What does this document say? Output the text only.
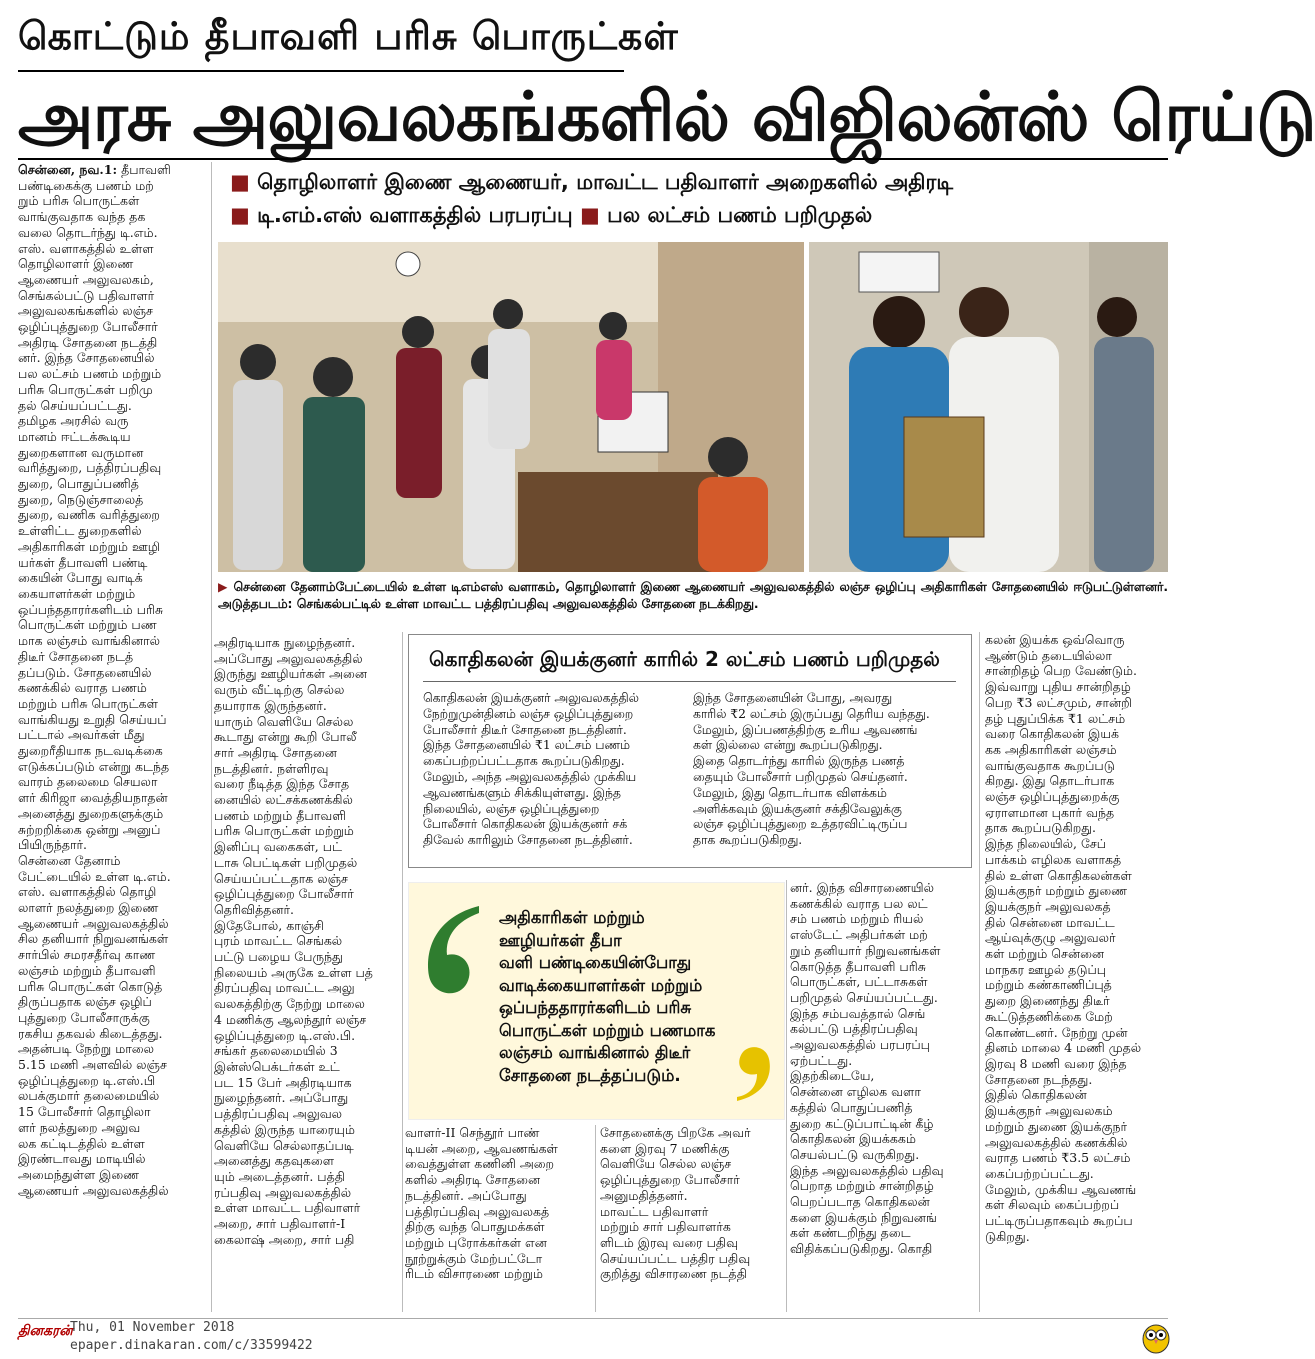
கொட்டும் தீபாவளி பரிசு பொருட்கள்
அரசு அலுவலகங்களில் விஜிலன்ஸ் ரெய்டு
■ தொழிலாளர் இணை ஆணையர், மாவட்ட பதிவாளர் அறைகளில் அதிரடி
■ டி.எம்.எஸ் வளாகத்தில் பரபரப்பு ■ பல லட்சம் பணம் பறிமுதல்
▶ சென்னை தேனாம்பேட்டையில் உள்ள டிஎம்எஸ் வளாகம், தொழிலாளர் இணை ஆணையர் அலுவலகத்தில் லஞ்ச ஒழிப்பு அதிகாரிகள் சோதனையில் ஈடுபட்டுள்ளனர். அடுத்தபடம்: செங்கல்பட்டில் உள்ள மாவட்ட பத்திரப்பதிவு அலுவலகத்தில் சோதனை நடக்கிறது.

சென்னை, நவ.1: தீபாவளி
பண்டிகைக்கு பணம் மற்
றும் பரிசு பொருட்கள்
வாங்குவதாக வந்த தக
வலை தொடர்ந்து டி.எம்.
எஸ். வளாகத்தில் உள்ள
தொழிலாளர் இணை
ஆணையர் அலுவலகம்,
செங்கல்பட்டு பதிவாளர்
அலுவலகங்களில் லஞ்ச
ஒழிப்புத்துறை போலீசார்
அதிரடி சோதனை நடத்தி
னர். இந்த சோதனையில்
பல லட்சம் பணம் மற்றும்
பரிசு பொருட்கள் பறிமு
தல் செய்யப்பட்டது.
தமிழக அரசில் வரு
மானம் ஈட்டக்கூடிய
துறைகளான வருமான
வரித்துறை, பத்திரப்பதிவு
துறை, பொதுப்பணித்
துறை, நெடுஞ்சாலைத்
துறை, வணிக வரித்துறை
உள்ளிட்ட துறைகளில்
அதிகாரிகள் மற்றும் ஊழி
யர்கள் தீபாவளி பண்டி
கையின் போது வாடிக்
கையாளர்கள் மற்றும்
ஒப்பந்ததாரர்களிடம் பரிசு
பொருட்கள் மற்றும் பண
மாக லஞ்சம் வாங்கினால்
திடீர் சோதனை நடத்
தப்படும். சோதனையில்
கணக்கில் வராத பணம்
மற்றும் பரிசு பொருட்கள்
வாங்கியது உறுதி செய்யப்
பட்டால் அவர்கள் மீது
துறைரீதியாக நடவடிக்கை
எடுக்கப்படும் என்று கடந்த
வாரம் தலைமை செயலா
ளர் கிரிஜா வைத்தியநாதன்
அனைத்து துறைகளுக்கும்
சுற்றறிக்கை ஒன்று அனுப்
பியிருந்தார்.
சென்னை தேனாம்
பேட்டையில் உள்ள டி.எம்.
எஸ். வளாகத்தில் தொழி
லாளர் நலத்துறை இணை
ஆணையர் அலுவலகத்தில்
சில தனியார் நிறுவனங்கள்
சார்பில் சமரசதீர்வு காண
லஞ்சம் மற்றும் தீபாவளி
பரிசு பொருட்கள் கொடுத்
திருப்பதாக லஞ்ச ஒழிப்
புத்துறை போலீசாருக்கு
ரகசிய தகவல் கிடைத்தது.
அதன்படி நேற்று மாலை
5.15 மணி அளவில் லஞ்ச
ஒழிப்புத்துறை டி.எஸ்.பி
லபக்குமார் தலைமையில்
15 போலீசார் தொழிலா
ளர் நலத்துறை அலுவ
லக கட்டிடத்தில் உள்ள
இரண்டாவது மாடியில்
அமைந்துள்ள இணை
ஆணையர் அலுவலகத்தில்

அதிரடியாக நுழைந்தனர்.
அப்போது அலுவலகத்தில்
இருந்து ஊழியர்கள் அனை
வரும் வீட்டிற்கு செல்ல
தயாராக இருந்தனர்.
யாரும் வெளியே செல்ல
கூடாது என்று கூறி போலீ
சார் அதிரடி சோதனை
நடத்தினர். நள்ளிரவு
வரை நீடித்த இந்த சோத
னையில் லட்சக்கணக்கில்
பணம் மற்றும் தீபாவளி
பரிசு பொருட்கள் மற்றும்
இனிப்பு வகைகள், பட்
டாசு பெட்டிகள் பறிமுதல்
செய்யப்பட்டதாக லஞ்ச
ஒழிப்புத்துறை போலீசார்
தெரிவித்தனர்.
இதேபோல், காஞ்சி
புரம் மாவட்ட செங்கல்
பட்டு பழைய பேருந்து
நிலையம் அருகே உள்ள பத்
திரப்பதிவு மாவட்ட அலு
வலகத்திற்கு நேற்று மாலை
4 மணிக்கு ஆலந்தூர் லஞ்ச
ஒழிப்புத்துறை டி.எஸ்.பி.
சங்கர் தலைமையில் 3
இன்ஸ்பெக்டர்கள் உட்
பட 15 பேர் அதிரடியாக
நுழைந்தனர். அப்போது
பத்திரப்பதிவு அலுவல
கத்தில் இருந்த யாரையும்
வெளியே செல்லாதப்படி
அனைத்து கதவுகளை
யும் அடைத்தனர். பத்தி
ரப்பதிவு அலுவலகத்தில்
உள்ள மாவட்ட பதிவாளர்
அறை, சார் பதிவாளர்-I
கைலாஷ் அறை, சார் பதி

வாளர்-II செந்தூர் பாண்
டியன் அறை, ஆவணங்கள்
வைத்துள்ள கணினி அறை
களில் அதிரடி சோதனை
நடத்தினர். அப்போது
பத்திரப்பதிவு அலுவலகத்
திற்கு வந்த பொதுமக்கள்
மற்றும் புரோக்கர்கள் என
நூற்றுக்கும் மேற்பட்டோ
ரிடம் விசாரணை மற்றும்

சோதனைக்கு பிறகே அவர்
களை இரவு 7 மணிக்கு
வெளியே செல்ல லஞ்ச
ஒழிப்புத்துறை போலீசார்
அனுமதித்தனர்.
மாவட்ட பதிவாளர்
மற்றும் சார் பதிவாளர்க
ளிடம் இரவு வரை பதிவு
செய்யப்பட்ட பத்திர பதிவு
குறித்து விசாரணை நடத்தி

னர். இந்த விசாரணையில்
கணக்கில் வராத பல லட்
சம் பணம் மற்றும் ரியல்
எஸ்டேட் அதிபர்கள் மற்
றும் தனியார் நிறுவனங்கள்
கொடுத்த தீபாவளி பரிசு
பொருட்கள், பட்டாசுகள்
பறிமுதல் செய்யப்பட்டது.
இந்த சம்பவத்தால் செங்
கல்பட்டு பத்திரப்பதிவு
அலுவலகத்தில் பரபரப்பு
ஏற்பட்டது.
இதற்கிடையே,
சென்னை எழிலக வளா
கத்தில் பொதுப்பணித்
துறை கட்டுப்பாட்டின் கீழ்
கொதிகலன் இயக்ககம்
செயல்பட்டு வருகிறது.
இந்த அலுவலகத்தில் பதிவு
பெறாத மற்றும் சான்றிதழ்
பெறப்படாத கொதிகலன்
களை இயக்கும் நிறுவனங்
கள் கண்டறிந்து தடை
விதிக்கப்படுகிறது. கொதி

கலன் இயக்க ஒவ்வொரு
ஆண்டும் தடையில்லா
சான்றிதழ் பெற வேண்டும்.
இவ்வாறு புதிய சான்றிதழ்
பெற ₹3 லட்சமும், சான்றி
தழ் புதுப்பிக்க ₹1 லட்சம்
வரை கொதிகலன் இயக்
கக அதிகாரிகள் லஞ்சம்
வாங்குவதாக கூறப்படு
கிறது. இது தொடர்பாக
லஞ்ச ஒழிப்புத்துறைக்கு
ஏராளமான புகார் வந்த
தாக கூறப்படுகிறது.
இந்த நிலையில், சேப்
பாக்கம் எழிலக வளாகத்
தில் உள்ள கொதிகலன்கள்
இயக்குநர் மற்றும் துணை
இயக்குநர் அலுவலகத்
தில் சென்னை மாவட்ட
ஆய்வுக்குழு அலுவலர்
கள் மற்றும் சென்னை
மாநகர ஊழல் தடுப்பு
மற்றும் கண்காணிப்புத்
துறை இணைந்து திடீர்
கூட்டுத்தணிக்கை மேற்
கொண்டனர். நேற்று முன்
தினம் மாலை 4 மணி முதல்
இரவு 8 மணி வரை இந்த
சோதனை நடந்தது.
இதில் கொதிகலன்
இயக்குநர் அலுவலகம்
மற்றும் துணை இயக்குநர்
அலுவலகத்தில் கணக்கில்
வராத பணம் ₹3.5 லட்சம்
கைப்பற்றப்பட்டது.
மேலும், முக்கிய ஆவணங்
கள் சிலவும் கைப்பற்றப்
பட்டிருப்பதாகவும் கூறப்ப
டுகிறது.

கொதிகலன் இயக்குனர் காரில் 2 லட்சம் பணம் பறிமுதல்

கொதிகலன் இயக்குனர் அலுவலகத்தில்
நேற்றுமுன்தினம் லஞ்ச ஒழிப்புத்துறை
போலீசார் திடீர் சோதனை நடத்தினர்.
இந்த சோதனையில் ₹1 லட்சம் பணம்
கைப்பற்றப்பட்டதாக கூறப்படுகிறது.
மேலும், அந்த அலுவலகத்தில் முக்கிய
ஆவணங்களும் சிக்கியுள்ளது. இந்த
நிலையில், லஞ்ச ஒழிப்புத்துறை
போலீசார் கொதிகலன் இயக்குனர் சக்
திவேல் காரிலும் சோதனை நடத்தினர்.

இந்த சோதனையின் போது, அவரது
காரில் ₹2 லட்சம் இருப்பது தெரிய வந்தது.
மேலும், இப்பணத்திற்கு உரிய ஆவணங்
கள் இல்லை என்று கூறப்படுகிறது.
இதை தொடர்ந்து காரில் இருந்த பணத்
தையும் போலீசார் பறிமுதல் செய்தனர்.
மேலும், இது தொடர்பாக விளக்கம்
அளிக்கவும் இயக்குனர் சக்திவேலுக்கு
லஞ்ச ஒழிப்புத்துறை உத்தரவிட்டிருப்ப
தாக கூறப்படுகிறது.

அதிகாரிகள் மற்றும்
ஊழியர்கள் தீபா
வளி பண்டிகையின்போது
வாடிக்கையாளர்கள் மற்றும்
ஒப்பந்ததாரர்களிடம் பரிசு
பொருட்கள் மற்றும் பணமாக
லஞ்சம் வாங்கினால் திடீர்
சோதனை நடத்தப்படும்.
தினகரன்
Thu, 01 November 2018
epaper.dinakaran.com/c/33599422
